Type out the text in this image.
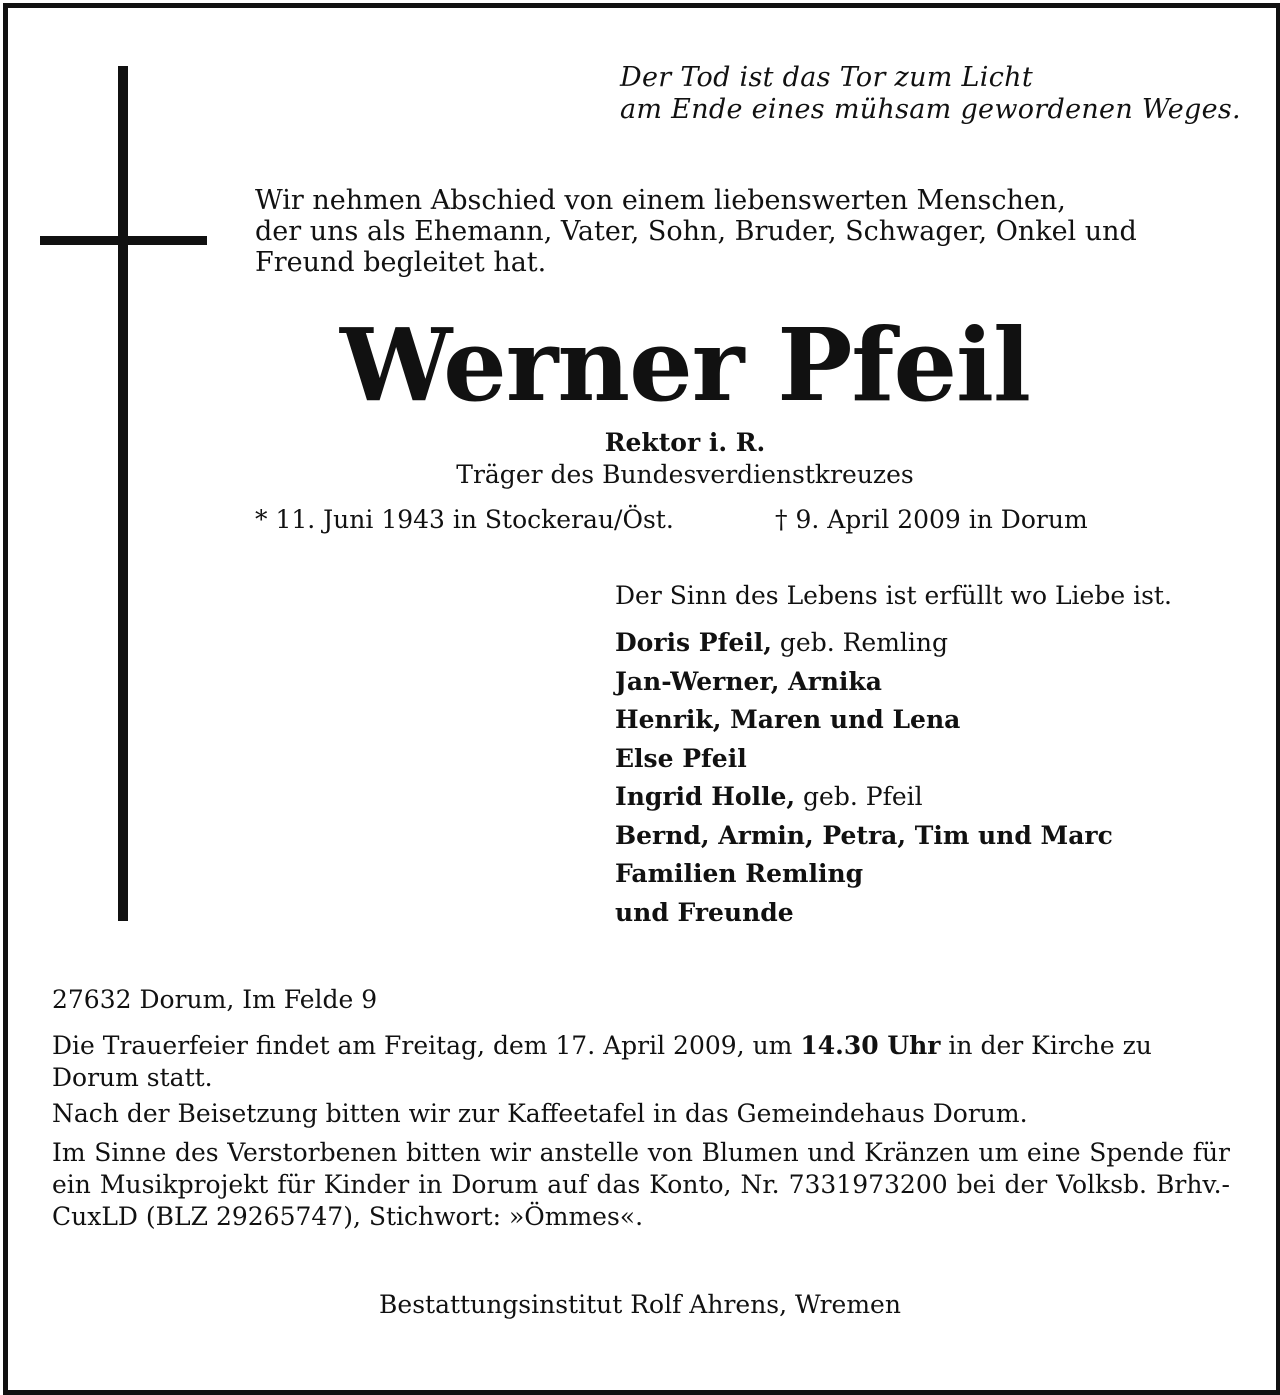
Der Tod ist das Tor zum Licht
am Ende eines mühsam gewordenen Weges.
Wir nehmen Abschied von einem liebenswerten Menschen,
der uns als Ehemann, Vater, Sohn, Bruder, Schwager, Onkel und
Freund begleitet hat.
Werner Pfeil
Rektor i. R.
Träger des Bundesverdienstkreuzes
* 11. Juni 1943 in Stockerau/Öst.	† 9. April 2009 in Dorum
Der Sinn des Lebens ist erfüllt wo Liebe ist.
Doris Pfeil, geb. Remling
Jan-Werner, Arnika
Henrik, Maren und Lena
Else Pfeil
Ingrid Holle, geb. Pfeil
Bernd, Armin, Petra, Tim und Marc
Familien Remling
und Freunde
27632 Dorum, Im Felde 9
Die Trauerfeier findet am Freitag, dem 17. April 2009, um 14.30 Uhr in der Kirche zu Dorum statt.
Nach der Beisetzung bitten wir zur Kaffeetafel in das Gemeindehaus Dorum.
Im Sinne des Verstorbenen bitten wir anstelle von Blumen und Kränzen um eine Spende für ein Musikprojekt für Kinder in Dorum auf das Konto, Nr. 7331973200 bei der Volksb. Brhv.-CuxLD (BLZ 29265747), Stichwort: »Ömmes«.
Bestattungsinstitut Rolf Ahrens, Wremen
